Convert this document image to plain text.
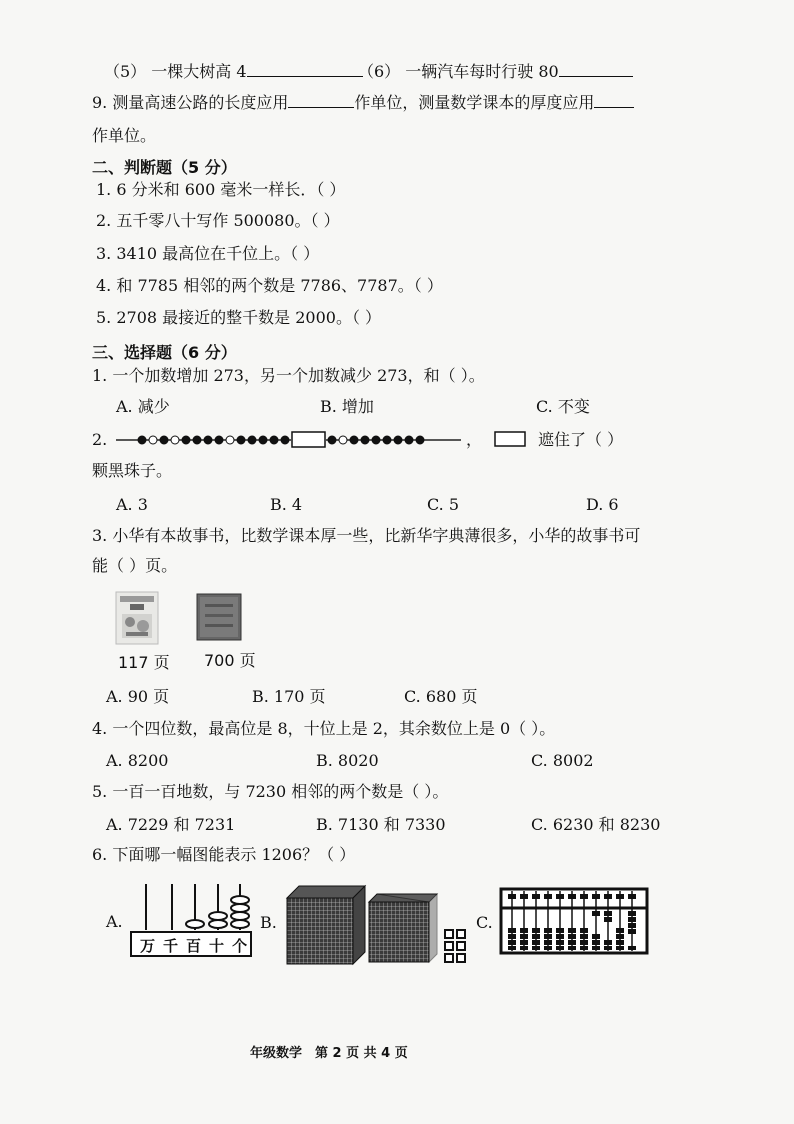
（5） 一棵大树高 4	（6） 一辆汽车每时行驶 80
9. 测量高速公路的长度应用	作单位，测量数学课本的厚度应用
作单位。
二、判断题（5 分）
1. 6 分米和 600 毫米一样长．（ ）
2. 五千零八十写作 500080。（ ）
3. 3410 最高位在千位上。（ ）
4. 和 7785 相邻的两个数是 7786、7787。（ ）
5. 2708 最接近的整千数是 2000。（ ）
三、选择题（6 分）
1. 一个加数增加 273，另一个加数减少 273，和（ ）。
A. 减少	B. 增加	C. 不变
2.	，	遮住了（ ）
颗黑珠子。
A. 3	B. 4	C. 5	D. 6
3. 小华有本故事书，比数学课本厚一些，比新华字典薄很多，小华的故事书可
能（ ）页。
117 页 700 页
A. 90 页	B. 170 页	C. 680 页
4. 一个四位数，最高位是 8，十位上是 2，其余数位上是 0（ ）。
A. 8200	B. 8020	C. 8002
5. 一百一百地数，与 7230 相邻的两个数是（ ）。
A. 7229 和 7231	B. 7130 和 7330	C. 6230 和 8230
6. 下面哪一幅图能表示 1206？（ ）
A.
万千百十个
B.	C.
年级数学　第 2 页 共 4 页
